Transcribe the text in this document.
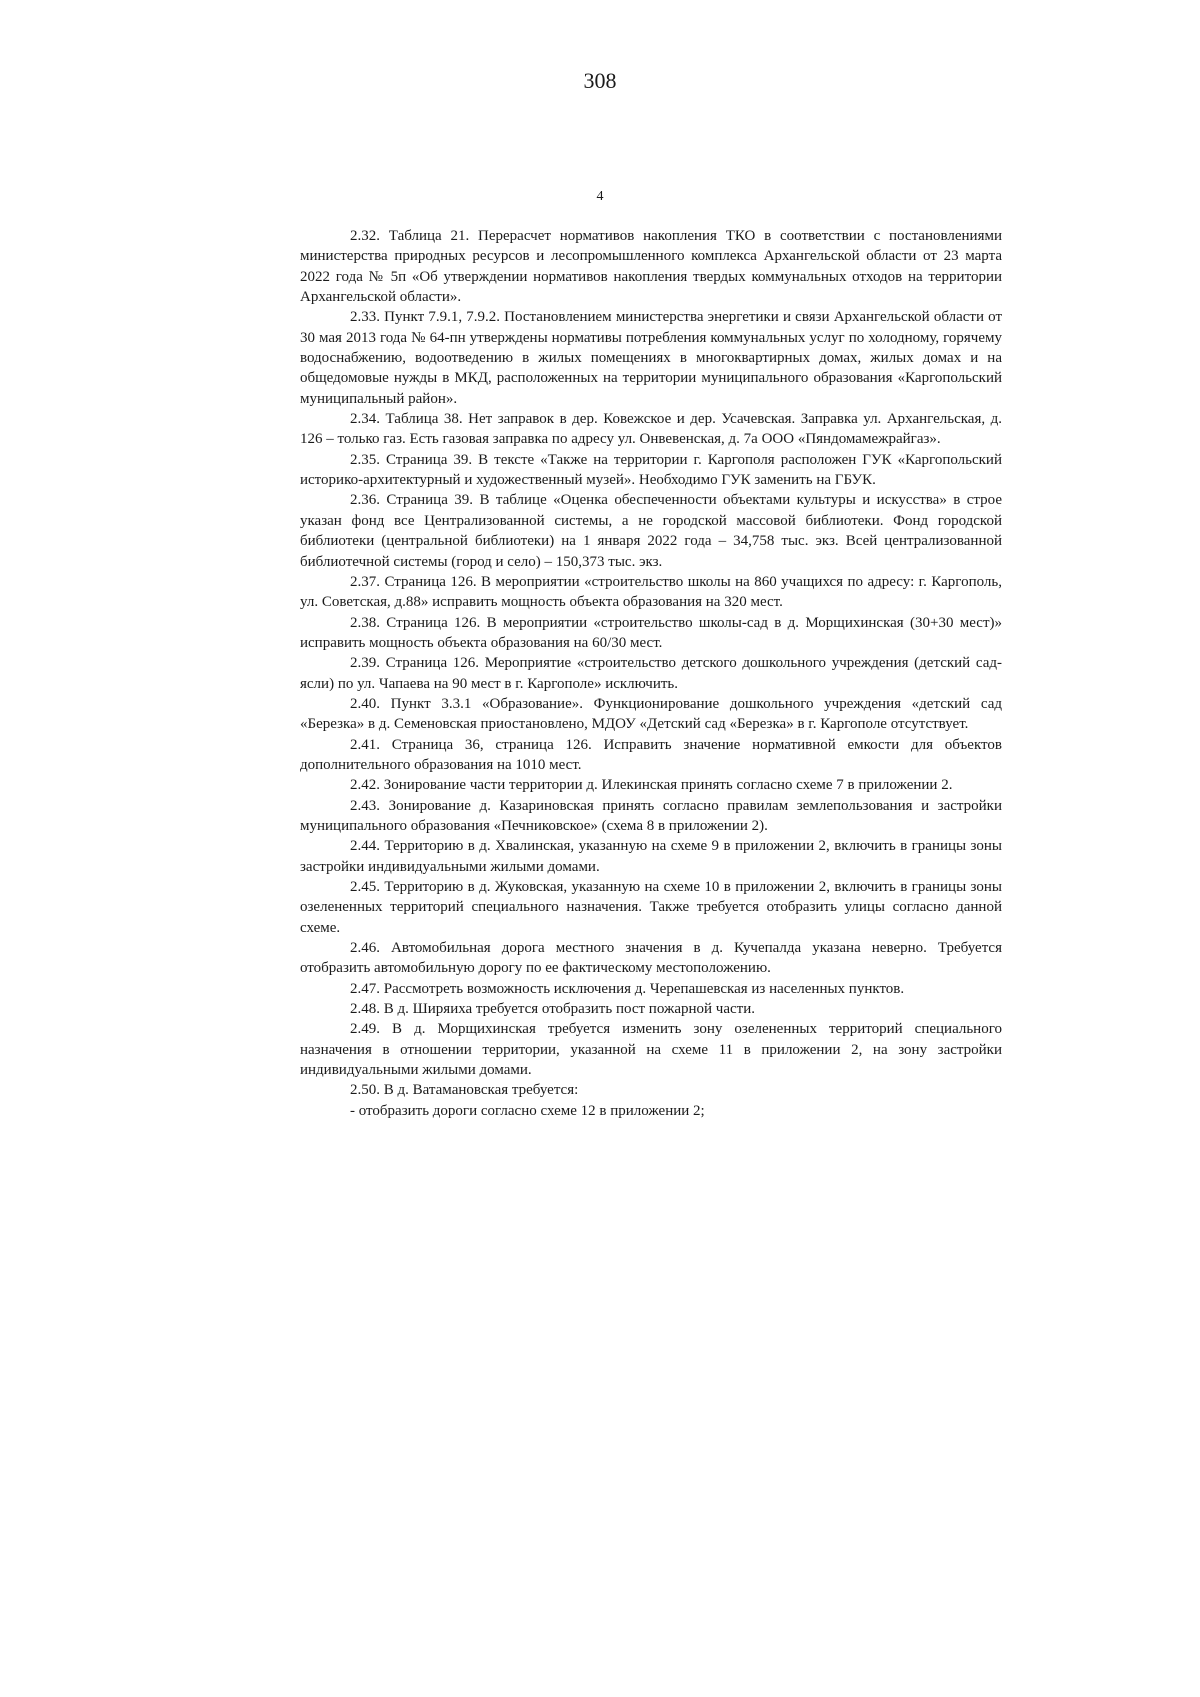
308
4

2.32. Таблица 21. Перерасчет нормативов накопления ТКО в соответствии с постановлениями министерства природных ресурсов и лесопромышленного комплекса Архангельской области от 23 марта 2022 года № 5п «Об утверждении нормативов накопления твердых коммунальных отходов на территории Архангельской области».

2.33. Пункт 7.9.1, 7.9.2. Постановлением министерства энергетики и связи Архангельской области от 30 мая 2013 года № 64-пн утверждены нормативы потребления коммунальных услуг по холодному, горячему водоснабжению, водоотведению в жилых помещениях в многоквартирных домах, жилых домах и на общедомовые нужды в МКД, расположенных на территории муниципального образования «Каргопольский муниципальный район».

2.34. Таблица 38. Нет заправок в дер. Ковежское и дер. Усачевская. Заправка ул. Архангельская, д. 126 – только газ. Есть газовая заправка по адресу ул. Онвевенская, д. 7а ООО «Пяндомамежрайгаз».

2.35. Страница 39. В тексте «Также на территории г. Каргополя расположен ГУК «Каргопольский историко-архитектурный и художественный музей». Необходимо ГУК заменить на ГБУК.

2.36. Страница 39. В таблице «Оценка обеспеченности объектами культуры и искусства» в строе указан фонд все Централизованной системы, а не городской массовой библиотеки. Фонд городской библиотеки (центральной библиотеки) на 1 января 2022 года – 34,758 тыс. экз. Всей централизованной библиотечной системы (город и село) – 150,373 тыс. экз.

2.37. Страница 126. В мероприятии «строительство школы на 860 учащихся по адресу: г. Каргополь, ул. Советская, д.88» исправить мощность объекта образования на 320 мест.

2.38. Страница 126. В мероприятии «строительство школы-сад в д. Морщихинская (30+30 мест)» исправить мощность объекта образования на 60/30 мест.

2.39. Страница 126. Мероприятие «строительство детского дошкольного учреждения (детский сад-ясли) по ул. Чапаева на 90 мест в г. Каргополе» исключить.

2.40. Пункт 3.3.1 «Образование». Функционирование дошкольного учреждения «детский сад «Березка» в д. Семеновская приостановлено, МДОУ «Детский сад «Березка» в г. Каргополе отсутствует.

2.41. Страница 36, страница 126. Исправить значение нормативной емкости для объектов дополнительного образования на 1010 мест.

2.42. Зонирование части территории д. Илекинская принять согласно схеме 7 в приложении 2.

2.43. Зонирование д. Казариновская принять согласно правилам землепользования и застройки муниципального образования «Печниковское» (схема 8 в приложении 2).

2.44. Территорию в д. Хвалинская, указанную на схеме 9 в приложении 2, включить в границы зоны застройки индивидуальными жилыми домами.

2.45. Территорию в д. Жуковская, указанную на схеме 10 в приложении 2, включить в границы зоны озелененных территорий специального назначения. Также требуется отобразить улицы согласно данной схеме.

2.46. Автомобильная дорога местного значения в д. Кучепалда указана неверно. Требуется отобразить автомобильную дорогу по ее фактическому местоположению.

2.47. Рассмотреть возможность исключения д. Черепашевская из населенных пунктов.

2.48. В д. Ширяиха требуется отобразить пост пожарной части.

2.49. В д. Морщихинская требуется изменить зону озелененных территорий специального назначения в отношении территории, указанной на схеме 11 в приложении 2, на зону застройки индивидуальными жилыми домами.

2.50. В д. Ватамановская требуется:

- отобразить дороги согласно схеме 12 в приложении 2;
